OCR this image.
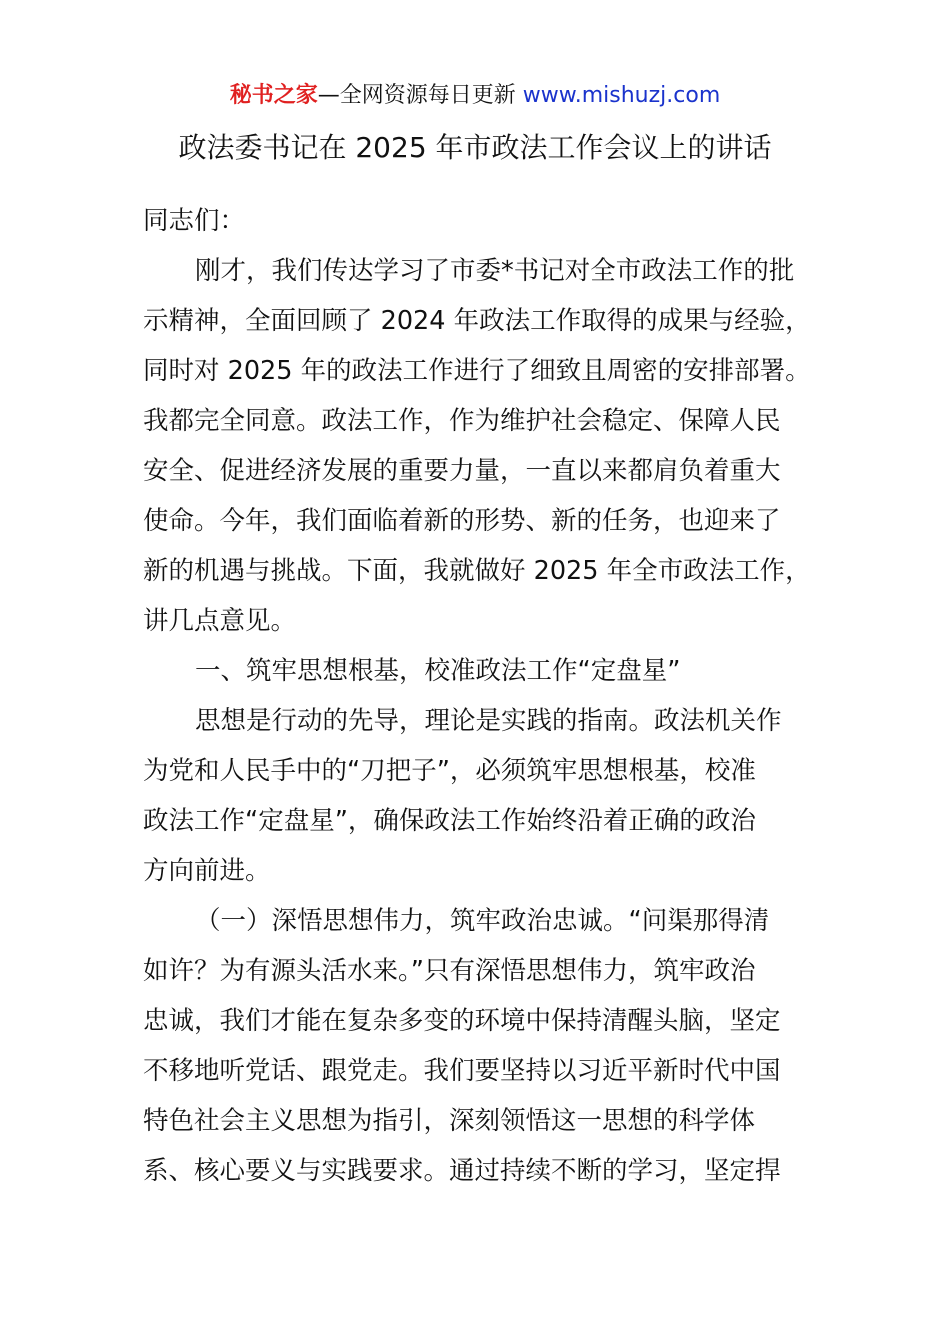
秘书之家—全网资源每日更新 www.mishuzj.com
政法委书记在 2025 年市政法工作会议上的讲话
同志们：
刚才，我们传达学习了市委*书记对全市政法工作的批
示精神，全面回顾了 2024 年政法工作取得的成果与经验，
同时对 2025 年的政法工作进行了细致且周密的安排部署。
我都完全同意。政法工作，作为维护社会稳定、保障人民
安全、促进经济发展的重要力量，一直以来都肩负着重大
使命。今年，我们面临着新的形势、新的任务，也迎来了
新的机遇与挑战。下面，我就做好 2025 年全市政法工作，
讲几点意见。
一、筑牢思想根基，校准政法工作“定盘星”
思想是行动的先导，理论是实践的指南。政法机关作
为党和人民手中的“刀把子”，必须筑牢思想根基，校准
政法工作“定盘星”，确保政法工作始终沿着正确的政治
方向前进。
（一）深悟思想伟力，筑牢政治忠诚。“问渠那得清
如许？为有源头活水来。”只有深悟思想伟力，筑牢政治
忠诚，我们才能在复杂多变的环境中保持清醒头脑，坚定
不移地听党话、跟党走。我们要坚持以习近平新时代中国
特色社会主义思想为指引，深刻领悟这一思想的科学体
系、核心要义与实践要求。通过持续不断的学习，坚定捍
